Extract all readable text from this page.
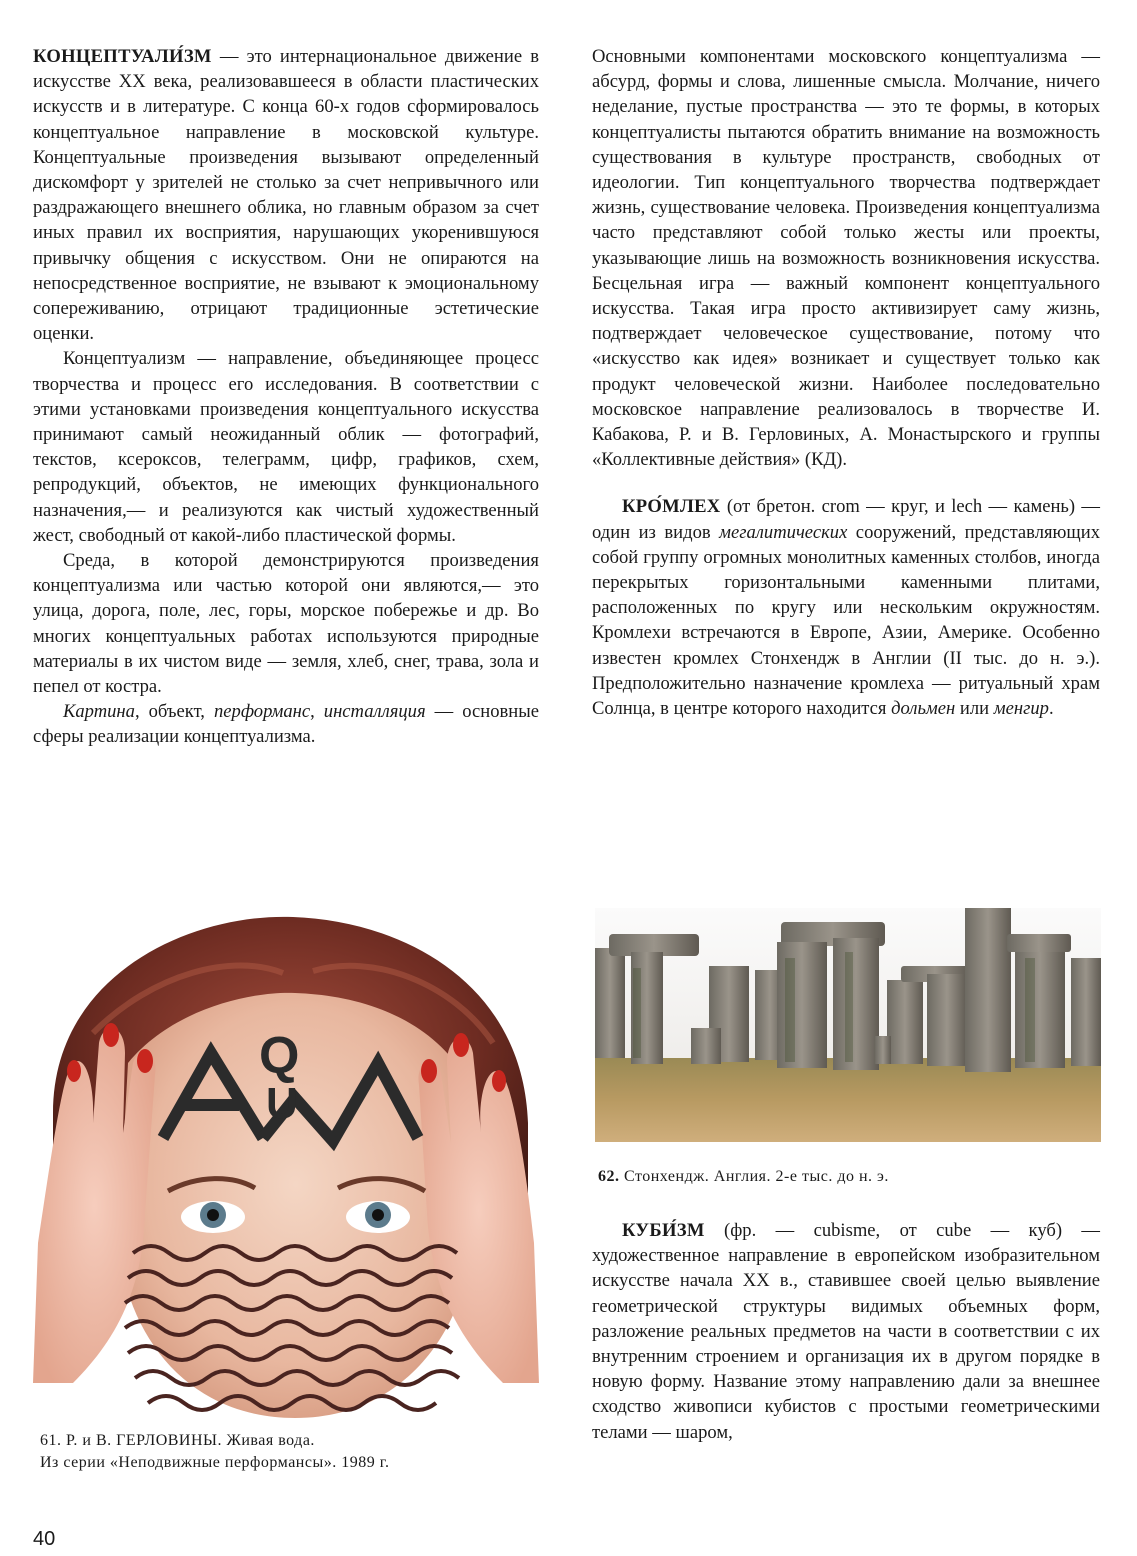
КОНЦЕПТУАЛИ́ЗМ — это интернациональное движение в искусстве XX века, реализовавшееся в области пластических искусств и в литературе. С конца 60-х годов сформировалось концептуальное направление в московской культуре. Концептуальные произведения вызывают определенный дискомфорт у зрителей не столько за счет непривычного или раздражающего внешнего облика, но главным образом за счет иных правил их восприятия, нарушающих укоренившуюся привычку общения с искусством. Они не опираются на непосредственное восприятие, не взывают к эмоциональному сопереживанию, отрицают традиционные эстетические оценки.

Концептуализм — направление, объединяющее процесс творчества и процесс его исследования. В соответствии с этими установками произведения концептуального искусства принимают самый неожиданный облик — фотографий, текстов, ксероксов, телеграмм, цифр, графиков, схем, репродукций, объектов, не имеющих функционального назначения,— и реализуются как чистый художественный жест, свободный от какой-либо пластической формы.

Среда, в которой демонстрируются произведения концептуализма или частью которой они являются,— это улица, дорога, поле, лес, горы, морское побережье и др. Во многих концептуальных работах используются природные материалы в их чистом виде — земля, хлеб, снег, трава, зола и пепел от костра.

Картина, объект, перформанс, инсталляция — основные сферы реализации концептуализма.

Основными компонентами московского концептуализма — абсурд, формы и слова, лишенные смысла. Молчание, ничего неделание, пустые пространства — это те формы, в которых концептуалисты пытаются обратить внимание на возможность существования в культуре пространств, свободных от идеологии. Тип концептуального творчества подтверждает жизнь, существование человека. Произведения концептуализма часто представляют собой только жесты или проекты, указывающие лишь на возможность возникновения искусства. Бесцельная игра — важный компонент концептуального искусства. Такая игра просто активизирует саму жизнь, подтверждает человеческое существование, потому что «искусство как идея» возникает и существует только как продукт человеческой жизни. Наиболее последовательно московское направление реализовалось в творчестве И. Кабакова, Р. и В. Герловиных, А. Монастырского и группы «Коллективные действия» (КД).

КРО́МЛЕХ (от бретон. crom — круг, и lech — камень) — один из видов мегалитических сооружений, представляющих собой группу огромных монолитных каменных столбов, иногда перекрытых горизонтальными каменными плитами, расположенных по кругу или нескольким окружностям. Кромлехи встречаются в Европе, Азии, Америке. Особенно известен кромлех Стонхендж в Англии (II тыс. до н. э.). Предположительно назначение кромлеха — ритуальный храм Солнца, в центре которого находится дольмен или менгир.

КУБИ́ЗМ (фр. — cubisme, от cube — куб) — художественное направление в европейском изобразительном искусстве начала XX в., ставившее своей целью выявление геометрической структуры видимых объемных форм, разложение реальных предметов на части в соответствии с их внутренним строением и организация их в другом порядке в новую форму. Название этому направлению дали за внешнее сходство живописи кубистов с простыми геометрическими телами — шаром,

Q
U
61. Р. и В. ГЕРЛОВИНЫ. Живая вода.
Из серии «Неподвижные перформансы». 1989 г.
62. Стонхендж. Англия. 2-е тыс. до н. э.
40
